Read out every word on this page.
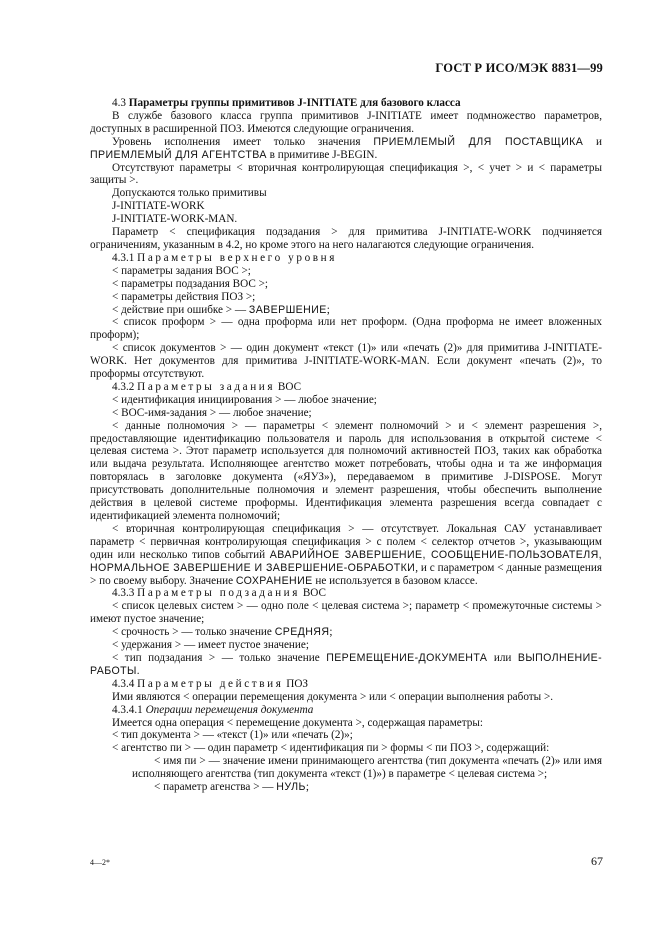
ГОСТ Р ИСО/МЭК 8831—99

4.3 Параметры группы примитивов J-INITIATE для базового класса

В службе базового класса группа примитивов J-INITIATE имеет подмножество параметров, доступных в расширенной ПОЗ. Имеются следующие ограничения.

Уровень исполнения имеет только значения ПРИЕМЛЕМЫЙ ДЛЯ ПОСТАВЩИКА и ПРИЕМЛЕМЫЙ ДЛЯ АГЕНТСТВА в примитиве J-BEGIN.

Отсутствуют параметры < вторичная контролирующая спецификация >, < учет > и < параметры защиты >.

Допускаются только примитивы

J-INITIATE-WORK

J-INITIATE-WORK-MAN.

Параметр < спецификация подзадания > для примитива J-INITIATE-WORK подчиняется ограничениям, указанным в 4.2, но кроме этого на него налагаются следующие ограничения.

4.3.1 Параметры верхнего уровня

< параметры задания ВОС >;

< параметры подзадания ВОС >;

< параметры действия ПОЗ >;

< действие при ошибке > — ЗАВЕРШЕНИЕ;

< список проформ > — одна проформа или нет проформ. (Одна проформа не имеет вложенных проформ);

< список документов > — один документ «текст (1)» или «печать (2)» для примитива J-INITIATE-WORK. Нет документов для примитива J-INITIATE-WORK-MAN. Если документ «печать (2)», то проформы отсутствуют.

4.3.2 Параметры задания ВОС

< идентификация инициирования > — любое значение;

< ВОС-имя-задания > — любое значение;

< данные полномочия > — параметры < элемент полномочий > и < элемент разрешения >, предоставляющие идентификацию пользователя и пароль для использования в открытой системе < целевая система >. Этот параметр используется для полномочий активностей ПОЗ, таких как обработка или выдача результата. Исполняющее агентство может потребовать, чтобы одна и та же информация повторялась в заголовке документа («ЯУЗ»), передаваемом в примитиве J-DISPOSE. Могут присутствовать дополнительные полномочия и элемент разрешения, чтобы обеспечить выполнение действия в целевой системе проформы. Идентификация элемента разрешения всегда совпадает с идентификацией элемента полномочий;

< вторичная контролирующая спецификация > — отсутствует. Локальная САУ устанавливает параметр < первичная контролирующая спецификация > с полем < селектор отчетов >, указывающим один или несколько типов событий АВАРИЙНОЕ ЗАВЕРШЕНИЕ, СООБЩЕНИЕ-ПОЛЬЗОВАТЕЛЯ, НОРМАЛЬНОЕ ЗАВЕРШЕНИЕ И ЗАВЕРШЕНИЕ-ОБРАБОТКИ, и с параметром < данные размещения > по своему выбору. Значение СОХРАНЕНИЕ не используется в базовом классе.

4.3.3 Параметры подзадания ВОС

< список целевых систем > — одно поле < целевая система >; параметр < промежуточные системы > имеют пустое значение;

< срочность > — только значение СРЕДНЯЯ;

< удержания > — имеет пустое значение;

< тип подзадания > — только значение ПЕРЕМЕЩЕНИЕ-ДОКУМЕНТА или ВЫПОЛНЕНИЕ-РАБОТЫ.

4.3.4 Параметры действия ПОЗ

Ими являются < операции перемещения документа > или < операции выполнения работы >.

4.3.4.1 Операции перемещения документа

Имеется одна операция < перемещение документа >, содержащая параметры:

< тип документа > — «текст (1)» или «печать (2)»;

< агентство пи > — один параметр < идентификация пи > формы < пи ПОЗ >, содержащий:

< имя пи > — значение имени принимающего агентства (тип документа «печать (2)» или имя исполняющего агентства (тип документа «текст (1)») в параметре < целевая система >;

< параметр агенства > — НУЛЬ;

4—2*	67
